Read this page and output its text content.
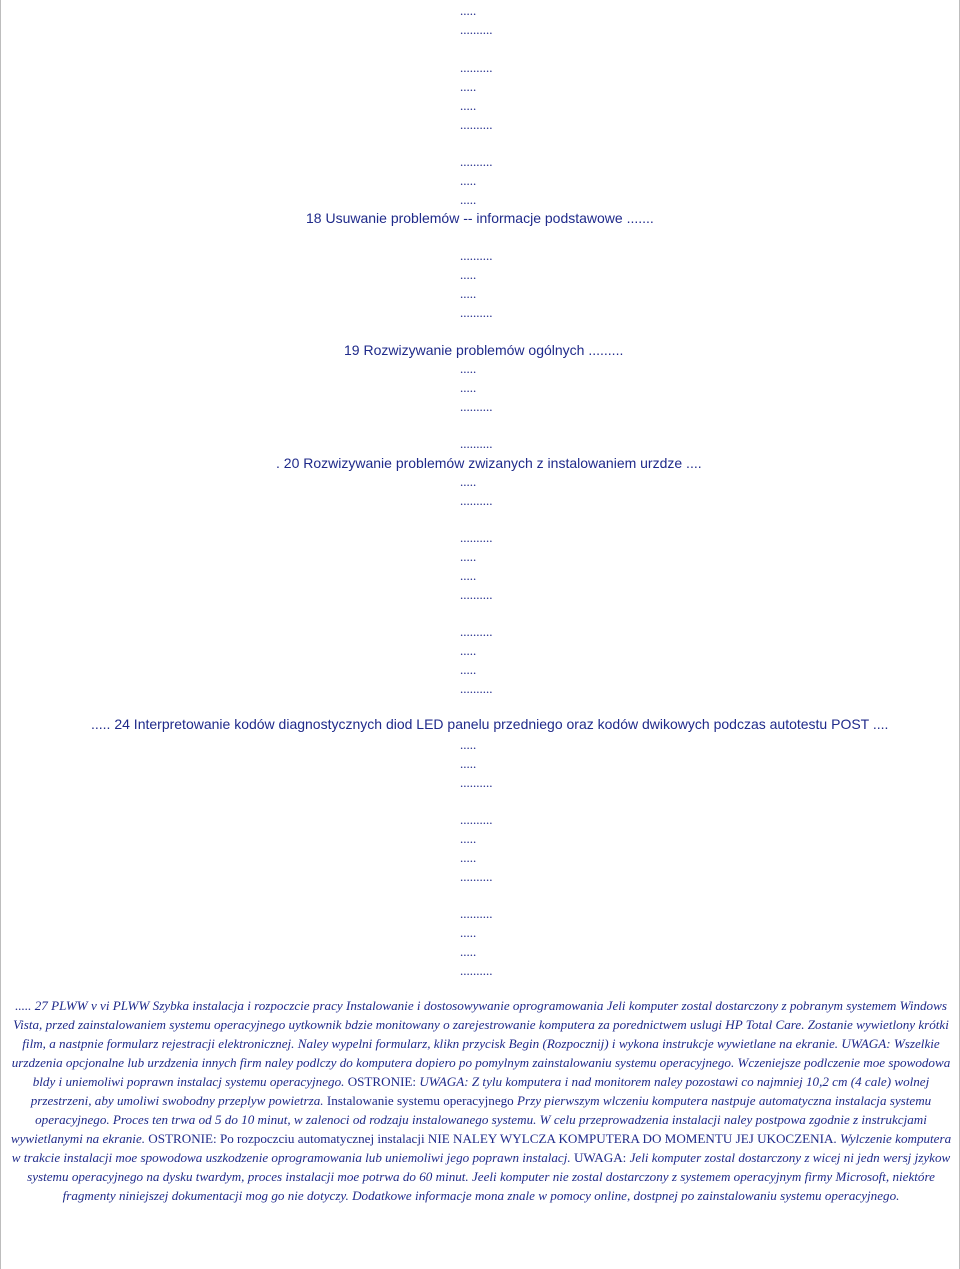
.....
..........
..........
.....
.....
..........
..........
.....
.....
18 Usuwanie problemów -- informacje podstawowe .......
..........
.....
.....
..........
19 Rozwizywanie problemów ogólnych .........
.....
.....
..........
..........
. 20 Rozwizywanie problemów zwizanych z instalowaniem urzdze ....
.....
..........
..........
.....
.....
..........
..........
.....
.....
..........
..... 24 Interpretowanie kodów diagnostycznych diod LED panelu przedniego oraz kodów dwikowych podczas autotestu POST ....
.....
.....
..........
..........
.....
.....
..........
..........
.....
.....
..........

..... 27 PLWW v vi PLWW Szybka instalacja i rozpoczcie pracy Instalowanie i dostosowywanie oprogramowania Jeli komputer zostal dostarczony z pobranym systemem Windows Vista, przed zainstalowaniem systemu operacyjnego uytkownik bdzie monitowany o zarejestrowanie komputera za porednictwem uslugi HP Total Care. Zostanie wywietlony krótki film, a nastpnie formularz rejestracji elektronicznej. Naley wypelni formularz, klikn przycisk Begin (Rozpocznij) i wykona instrukcje wywietlane na ekranie. UWAGA: Wszelkie urzdzenia opcjonalne lub urzdzenia innych firm naley podlczy do komputera dopiero po pomylnym zainstalowaniu systemu operacyjnego. Wczeniejsze podlczenie moe spowodowa bldy i uniemoliwi poprawn instalacj systemu operacyjnego. OSTRONIE: UWAGA: Z tylu komputera i nad monitorem naley pozostawi co najmniej 10,2 cm (4 cale) wolnej przestrzeni, aby umoliwi swobodny przeplyw powietrza. Instalowanie systemu operacyjnego Przy pierwszym wlczeniu komputera nastpuje automatyczna instalacja systemu operacyjnego. Proces ten trwa od 5 do 10 minut, w zalenoci od rodzaju instalowanego systemu. W celu przeprowadzenia instalacji naley postpowa zgodnie z instrukcjami wywietlanymi na ekranie. OSTRONIE: Po rozpoczciu automatycznej instalacji NIE NALEY WYLCZA KOMPUTERA DO MOMENTU JEJ UKOCZENIA. Wylczenie komputera w trakcie instalacji moe spowodowa uszkodzenie oprogramowania lub uniemoliwi jego poprawn instalacj. UWAGA: Jeli komputer zostal dostarczony z wicej ni jedn wersj jzykow systemu operacyjnego na dysku twardym, proces instalacji moe potrwa do 60 minut. Jeeli komputer nie zostal dostarczony z systemem operacyjnym firmy Microsoft, niektóre fragmenty niniejszej dokumentacji mog go nie dotyczy. Dodatkowe informacje mona znale w pomocy online, dostpnej po zainstalowaniu systemu operacyjnego.
